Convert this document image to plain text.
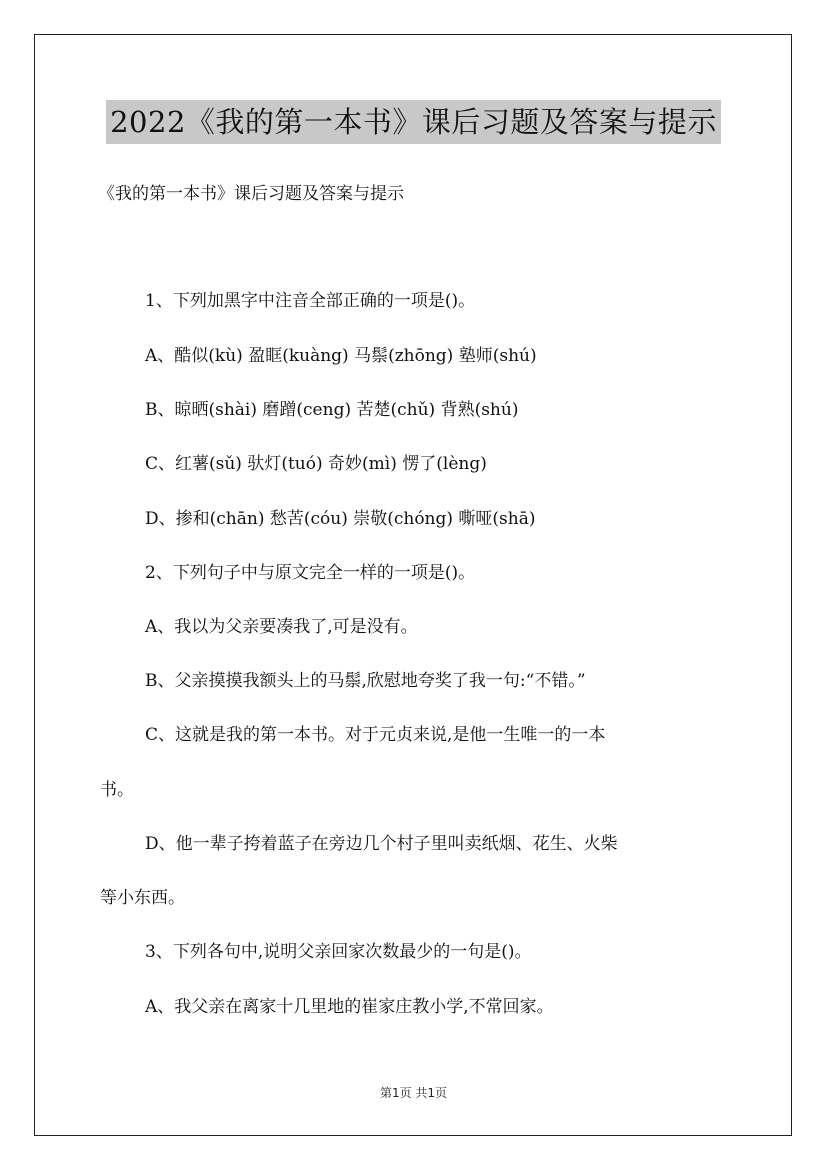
2022《我的第一本书》课后习题及答案与提示
《我的第一本书》课后习题及答案与提示
1、下列加黑字中注音全部正确的一项是()。
A、酷似(kù) 盈眶(kuàng) 马鬃(zhōng) 塾师(shú)
B、晾晒(shài) 磨蹭(ceng) 苦楚(chǔ) 背熟(shú)
C、红薯(sǔ) 驮灯(tuó) 奇妙(mì) 愣了(lèng)
D、掺和(chān) 愁苦(cóu) 崇敬(chóng) 嘶哑(shā)
2、下列句子中与原文完全一样的一项是()。
A、我以为父亲要凑我了,可是没有。
B、父亲摸摸我额头上的马鬃,欣慰地夸奖了我一句:“不错。”
C、这就是我的第一本书。对于元贞来说,是他一生唯一的一本
书。
D、他一辈子挎着蓝子在旁边几个村子里叫卖纸烟、花生、火柴
等小东西。
3、下列各句中,说明父亲回家次数最少的一句是()。
A、我父亲在离家十几里地的崔家庄教小学,不常回家。
第1页 共1页
